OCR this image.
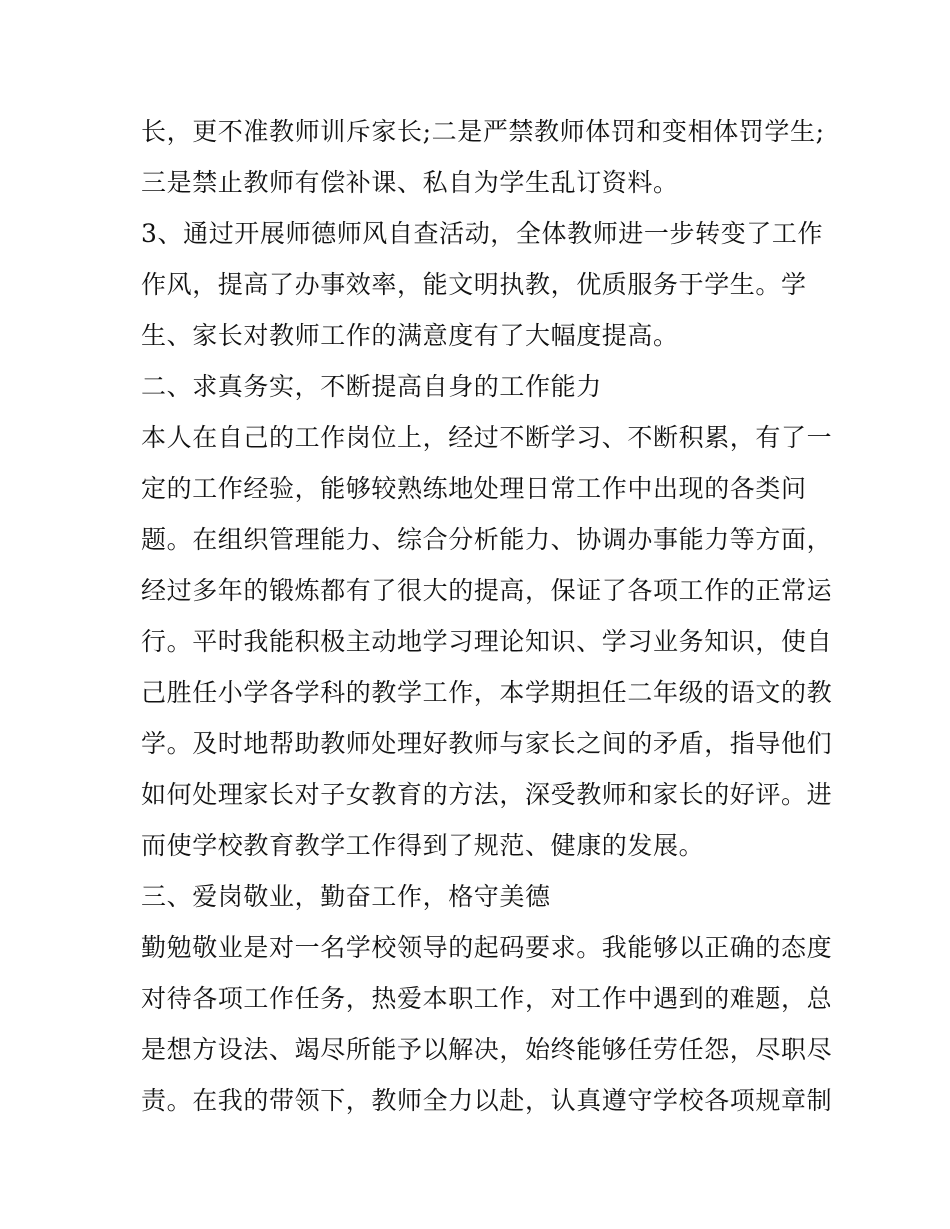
长，更不准教师训斥家长;二是严禁教师体罚和变相体罚学生;
三是禁止教师有偿补课、私自为学生乱订资料。
3、通过开展师德师风自查活动，全体教师进一步转变了工作
作风，提高了办事效率，能文明执教，优质服务于学生。学
生、家长对教师工作的满意度有了大幅度提高。
二、求真务实，不断提高自身的工作能力
本人在自己的工作岗位上，经过不断学习、不断积累，有了一
定的工作经验，能够较熟练地处理日常工作中出现的各类问
题。在组织管理能力、综合分析能力、协调办事能力等方面，
经过多年的锻炼都有了很大的提高，保证了各项工作的正常运
行。平时我能积极主动地学习理论知识、学习业务知识，使自
己胜任小学各学科的教学工作，本学期担任二年级的语文的教
学。及时地帮助教师处理好教师与家长之间的矛盾，指导他们
如何处理家长对子女教育的方法，深受教师和家长的好评。进
而使学校教育教学工作得到了规范、健康的发展。
三、爱岗敬业，勤奋工作，格守美德
勤勉敬业是对一名学校领导的起码要求。我能够以正确的态度
对待各项工作任务，热爱本职工作，对工作中遇到的难题，总
是想方设法、竭尽所能予以解决，始终能够任劳任怨，尽职尽
责。在我的带领下，教师全力以赴，认真遵守学校各项规章制
